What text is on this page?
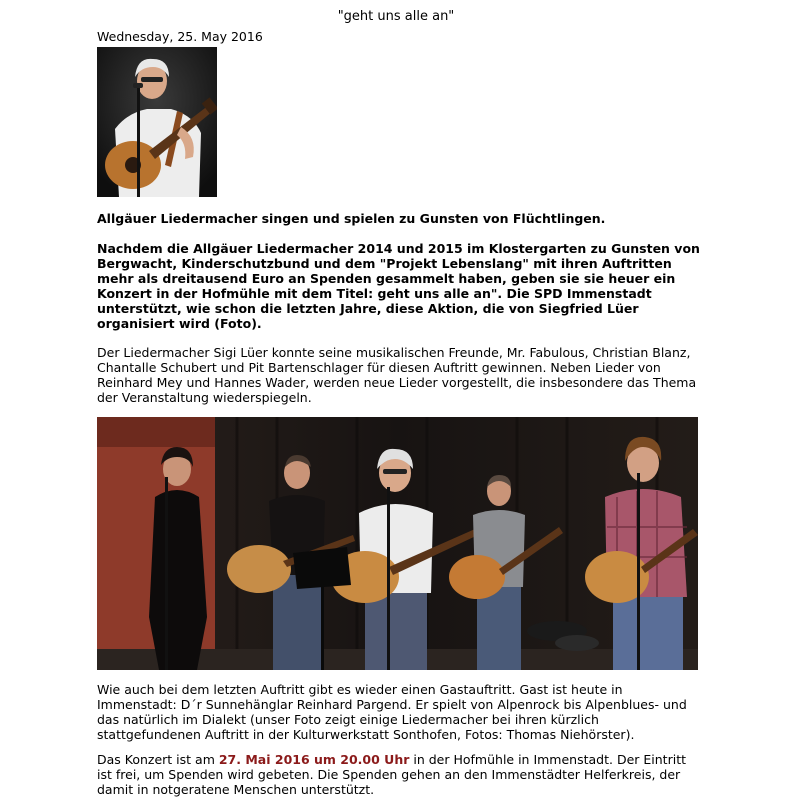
"geht uns alle an"
Wednesday, 25. May 2016
Allgäuer Liedermacher singen und spielen zu Gunsten von Flüchtlingen.
Nachdem die Allgäuer Liedermacher 2014 und 2015 im Klostergarten zu Gunsten von Bergwacht, Kinderschutzbund und dem "Projekt Lebenslang" mit ihren Auftritten mehr als dreitausend Euro an Spenden gesammelt haben, geben sie sie heuer ein Konzert in der Hofmühle mit dem Titel: geht uns alle an". Die SPD Immenstadt unterstützt, wie schon die letzten Jahre, diese Aktion, die von Siegfried Lüer organisiert wird (Foto).
Der Liedermacher Sigi Lüer konnte seine musikalischen Freunde, Mr. Fabulous, Christian Blanz, Chantalle Schubert und Pit Bartenschlager für diesen Auftritt gewinnen. Neben Lieder von Reinhard Mey und Hannes Wader, werden neue Lieder vorgestellt, die insbesondere das Thema der Veranstaltung wiederspiegeln.
Wie auch bei dem letzten Auftritt gibt es wieder einen Gastauftritt. Gast ist heute in Immenstadt: D´r Sunnehänglar Reinhard Pargend. Er spielt von Alpenrock bis Alpenblues- und das natürlich im Dialekt (unser Foto zeigt einige Liedermacher bei ihren kürzlich stattgefundenen Auftritt in der Kulturwerkstatt Sonthofen, Fotos: Thomas Niehörster).
Das Konzert ist am 27. Mai 2016 um 20.00 Uhr in der Hofmühle in Immenstadt. Der Eintritt ist frei, um Spenden wird gebeten. Die Spenden gehen an den Immenstädter Helferkreis, der damit in notgeratene Menschen unterstützt.
